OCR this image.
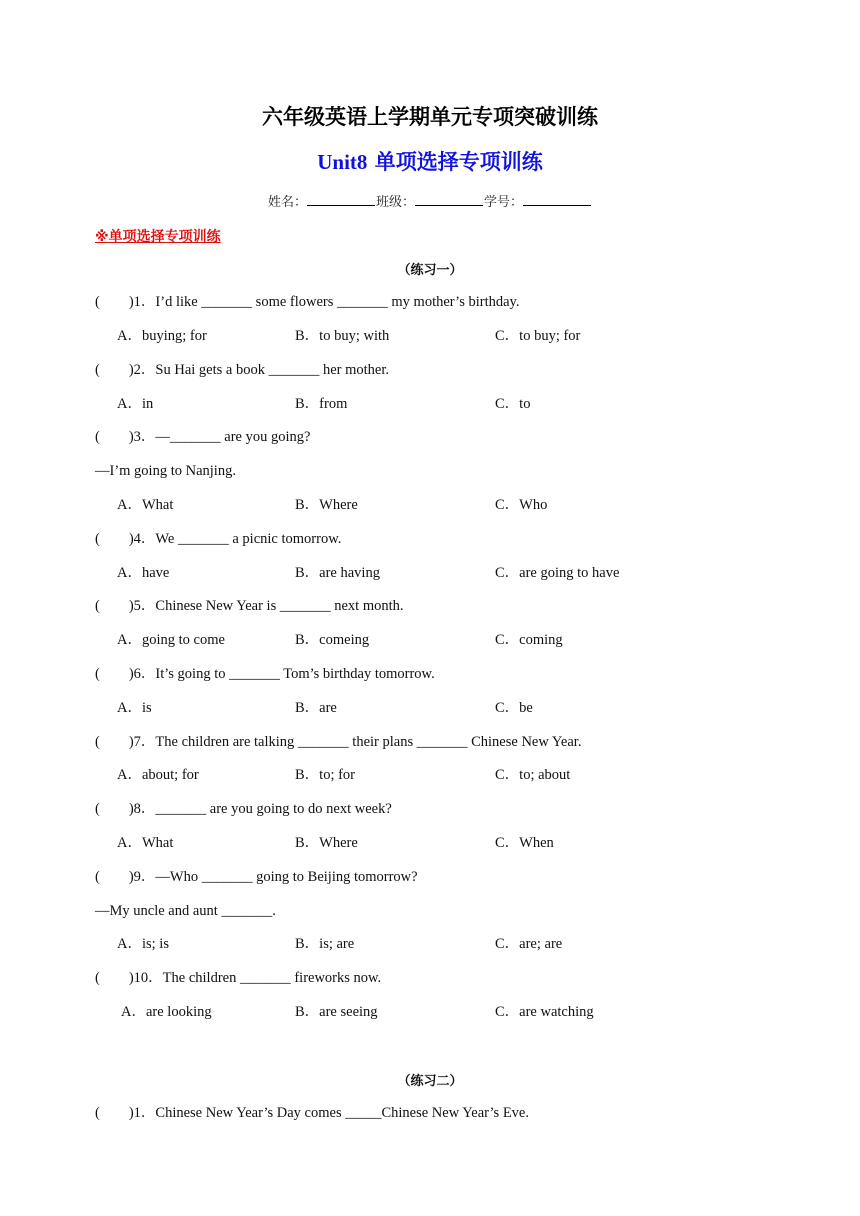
六年级英语上学期单元专项突破训练
Unit8 单项选择专项训练
姓名：	班级：	学号：
※单项选择专项训练
（练习一）
(        )1．I’d like _______ some flowers _______ my mother’s birthday.
A．buying; for	B．to buy; with	C．to buy; for
(        )2．Su Hai gets a book _______ her mother.
A．in	B．from	C．to
(        )3．—_______ are you going?
—I’m going to Nanjing.
A．What	B．Where	C．Who
(        )4．We _______ a picnic tomorrow.
A．have	B．are having	C．are going to have
(        )5．Chinese New Year is _______ next month.
A．going to come	B．comeing	C．coming
(        )6．It’s going to _______ Tom’s birthday tomorrow.
A．is	B．are	C．be
(        )7．The children are talking _______ their plans _______ Chinese New Year.
A．about; for	B．to; for	C．to; about
(        )8．_______ are you going to do next week?
A．What	B．Where	C．When
(        )9．—Who _______ going to Beijing tomorrow?
—My uncle and aunt _______.
A．is; is	B．is; are	C．are; are
(        )10．The children _______ fireworks now.
A．are looking	B．are seeing	C．are watching
（练习二）
(        )1．Chinese New Year’s Day comes _____Chinese New Year’s Eve.
